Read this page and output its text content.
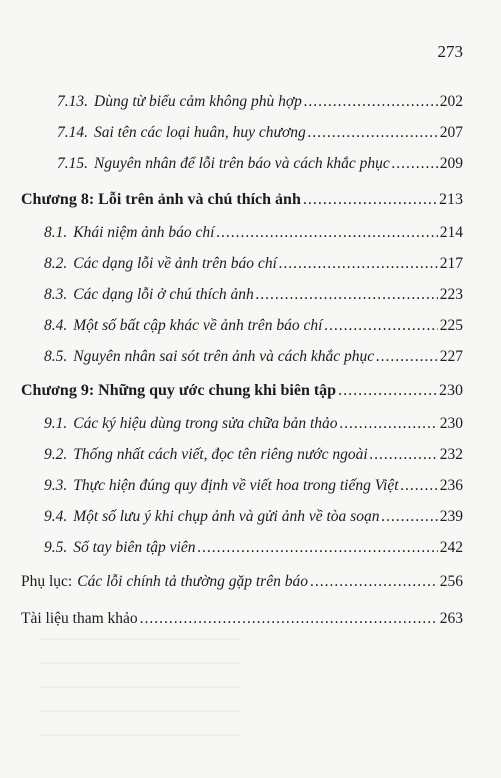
273
7.13. Dùng từ biểu cảm không phù hợp .....	202
7.14. Sai tên các loại huân, huy chương .....	207
7.15. Nguyên nhân để lỗi trên báo và cách khắc phục .....	209
Chương 8: Lỗi trên ảnh và chú thích ảnh .....	213
8.1. Khái niệm ảnh báo chí .....	214
8.2. Các dạng lỗi về ảnh trên báo chí .....	217
8.3. Các dạng lỗi ở chú thích ảnh .....	223
8.4. Một số bất cập khác về ảnh trên báo chí .....	225
8.5. Nguyên nhân sai sót trên ảnh và cách khắc phục .....	227
Chương 9: Những quy ước chung khi biên tập .....	230
9.1. Các ký hiệu dùng trong sửa chữa bản thảo .....	230
9.2. Thống nhất cách viết, đọc tên riêng nước ngoài .....	232
9.3. Thực hiện đúng quy định về viết hoa trong tiếng Việt .....	236
9.4. Một số lưu ý khi chụp ảnh và gửi ảnh về tòa soạn .....	239
9.5. Sổ tay biên tập viên .....	242
Phụ lục: Các lỗi chính tả thường gặp trên báo .....	256
Tài liệu tham khảo .....	263
